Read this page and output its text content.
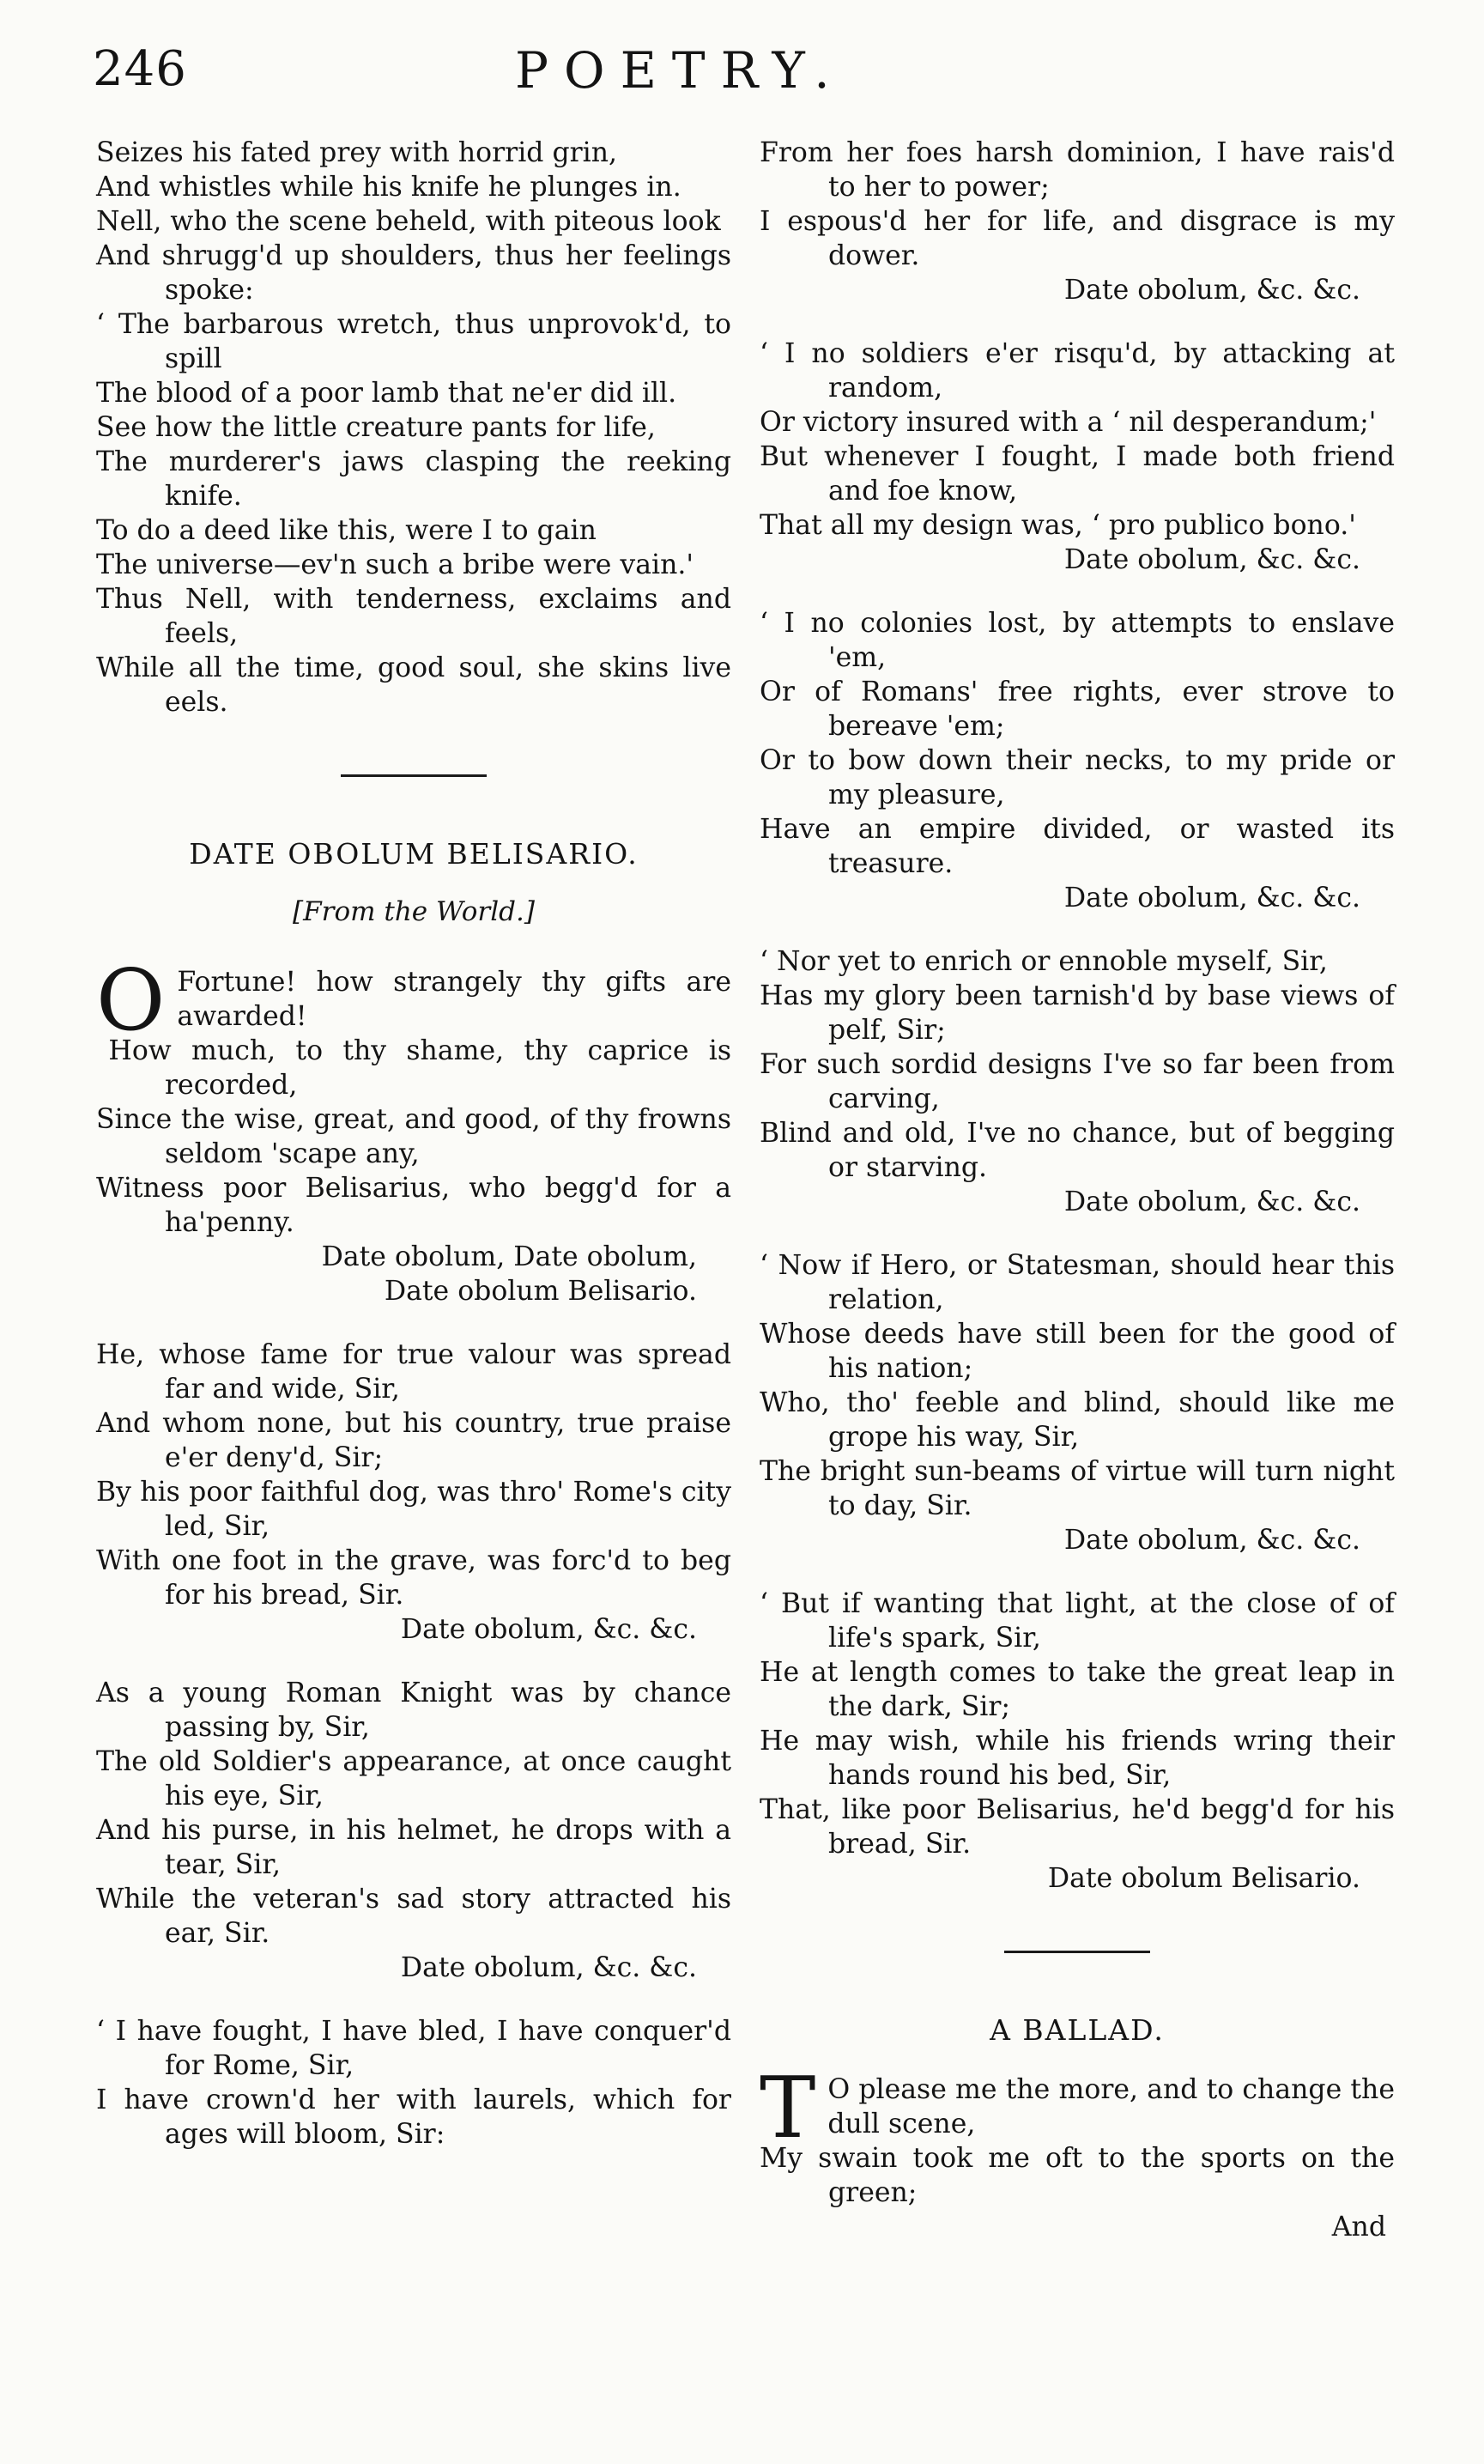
246	POETRY.
Seizes his fated prey with horrid grin,
And whistles while his knife he plunges in.
Nell, who the scene beheld, with piteous look
And shrugg'd up shoulders, thus her feelings spoke:
‘ The barbarous wretch, thus unprovok'd, to spill
The blood of a poor lamb that ne'er did ill.
See how the little creature pants for life,
The murderer's jaws clasping the reeking knife.
To do a deed like this, were I to gain
The universe—ev'n such a bribe were vain.'
Thus Nell, with tenderness, exclaims and feels,
While all the time, good soul, she skins live eels.
DATE OBOLUM BELISARIO.
[From the World.]
O Fortune! how strangely thy gifts are awarded!
How much, to thy shame, thy caprice is recorded,
Since the wise, great, and good, of thy frowns seldom 'scape any,
Witness poor Belisarius, who begg'd for a ha'penny.
Date obolum, Date obolum,
Date obolum Belisario.
He, whose fame for true valour was spread far and wide, Sir,
And whom none, but his country, true praise e'er deny'd, Sir;
By his poor faithful dog, was thro' Rome's city led, Sir,
With one foot in the grave, was forc'd to beg for his bread, Sir.
Date obolum, &c. &c.
As a young Roman Knight was by chance passing by, Sir,
The old Soldier's appearance, at once caught his eye, Sir,
And his purse, in his helmet, he drops with a tear, Sir,
While the veteran's sad story attracted his ear, Sir.
Date obolum, &c. &c.
‘ I have fought, I have bled, I have conquer'd for Rome, Sir,
I have crown'd her with laurels, which for ages will bloom, Sir:
From her foes harsh dominion, I have rais'd to her to power;
I espous'd her for life, and disgrace is my dower.
Date obolum, &c. &c.
‘ I no soldiers e'er risqu'd, by attacking at random,
Or victory insured with a ‘ nil desperandum;'
But whenever I fought, I made both friend and foe know,
That all my design was, ‘ pro publico bono.'
Date obolum, &c. &c.
‘ I no colonies lost, by attempts to enslave 'em,
Or of Romans' free rights, ever strove to bereave 'em;
Or to bow down their necks, to my pride or my pleasure,
Have an empire divided, or wasted its treasure.
Date obolum, &c. &c.
‘ Nor yet to enrich or ennoble myself, Sir,
Has my glory been tarnish'd by base views of pelf, Sir;
For such sordid designs I've so far been from carving,
Blind and old, I've no chance, but of begging or starving.
Date obolum, &c. &c.
‘ Now if Hero, or Statesman, should hear this relation,
Whose deeds have still been for the good of his nation;
Who, tho' feeble and blind, should like me grope his way, Sir,
The bright sun-beams of virtue will turn night to day, Sir.
Date obolum, &c. &c.
‘ But if wanting that light, at the close of of life's spark, Sir,
He at length comes to take the great leap in the dark, Sir;
He may wish, while his friends wring their hands round his bed, Sir,
That, like poor Belisarius, he'd begg'd for his bread, Sir.
Date obolum Belisario.
A BALLAD.
T O please me the more, and to change the dull scene,
My swain took me oft to the sports on the green;
And
